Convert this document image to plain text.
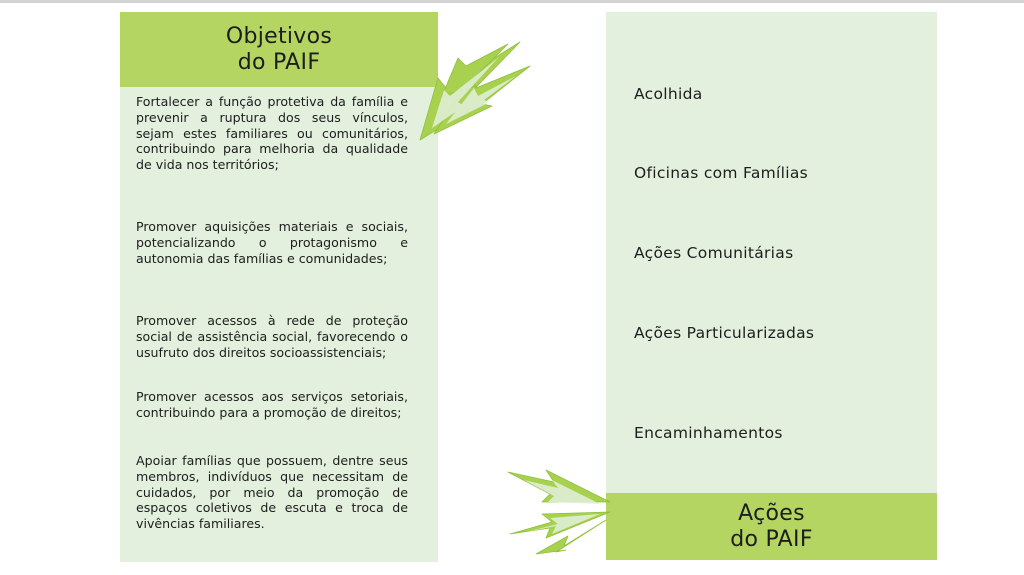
Objetivos
do PAIF

Fortalecer a função protetiva da família e prevenir a ruptura dos seus vínculos, sejam estes familiares ou comunitários, contribuindo para melhoria da qualidade de vida nos territórios;

Promover aquisições materiais e sociais, potencializando o protagonismo e autonomia das famílias e comunidades;

Promover acessos à rede de proteção social de assistência social, favorecendo o usufruto dos direitos socioassistenciais;

Promover acessos aos serviços setoriais, contribuindo para a promoção de direitos;

Apoiar famílias que possuem, dentre seus membros, indivíduos que necessitam de cuidados, por meio da promoção de espaços coletivos de escuta e troca de vivências familiares.

Acolhida
Oficinas com Famílias
Ações Comunitárias
Ações Particularizadas
Encaminhamentos
Ações
do PAIF
